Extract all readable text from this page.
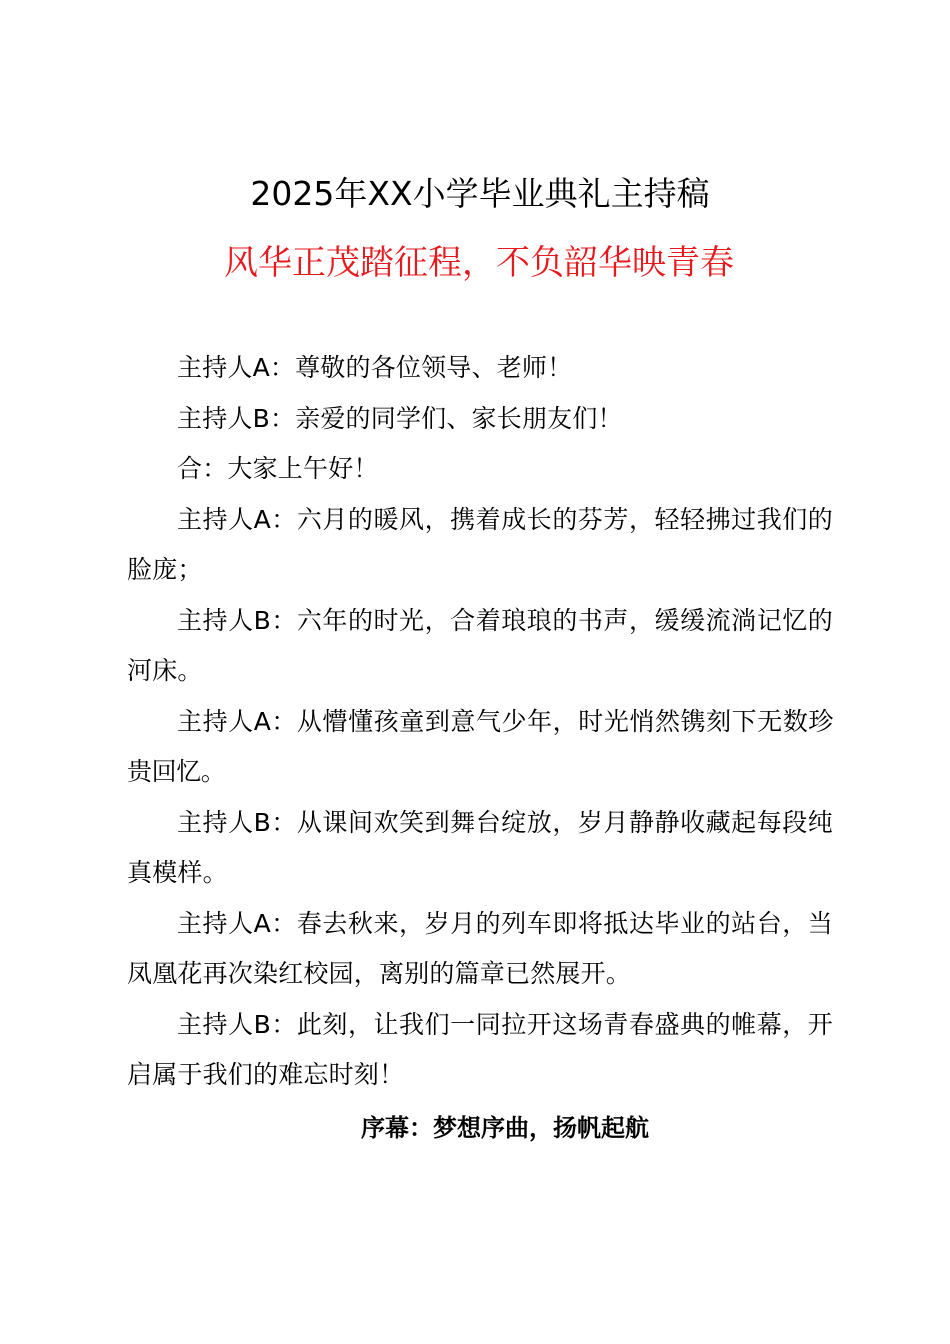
2025年XX小学毕业典礼主持稿
风华正茂踏征程，不负韶华映青春

主持人A：尊敬的各位领导、老师！

主持人B：亲爱的同学们、家长朋友们！

合：大家上午好！

主持人A：六月的暖风，携着成长的芬芳，轻轻拂过我们的脸庞；

主持人B：六年的时光，合着琅琅的书声，缓缓流淌记忆的河床。

主持人A：从懵懂孩童到意气少年，时光悄然镌刻下无数珍贵回忆。

主持人B：从课间欢笑到舞台绽放，岁月静静收藏起每段纯真模样。

主持人A：春去秋来，岁月的列车即将抵达毕业的站台，当凤凰花再次染红校园，离别的篇章已然展开。

主持人B：此刻，让我们一同拉开这场青春盛典的帷幕，开启属于我们的难忘时刻！

序幕：梦想序曲，扬帆起航
